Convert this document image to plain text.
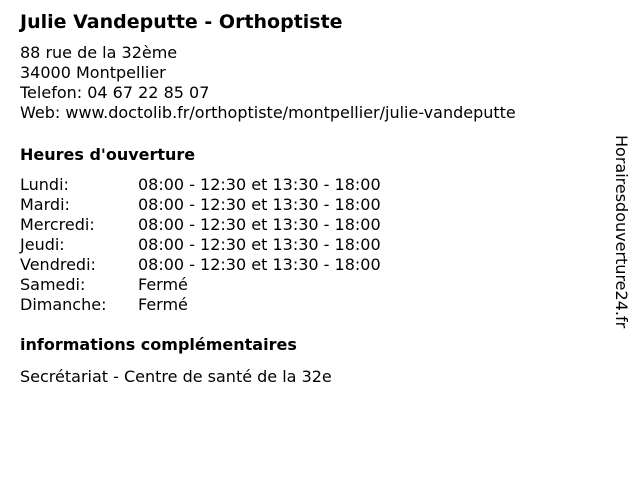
Julie Vandeputte - Orthoptiste
88 rue de la 32ème
34000 Montpellier
Telefon: 04 67 22 85 07
Web: www.doctolib.fr/orthoptiste/montpellier/julie-vandeputte
Heures d'ouverture
Lundi:	08:00 - 12:30 et 13:30 - 18:00
Mardi:	08:00 - 12:30 et 13:30 - 18:00
Mercredi:	08:00 - 12:30 et 13:30 - 18:00
Jeudi:	08:00 - 12:30 et 13:30 - 18:00
Vendredi:	08:00 - 12:30 et 13:30 - 18:00
Samedi:	Fermé
Dimanche:	Fermé
informations complémentaires
Secrétariat - Centre de santé de la 32e
Horairesdouverture24.fr
